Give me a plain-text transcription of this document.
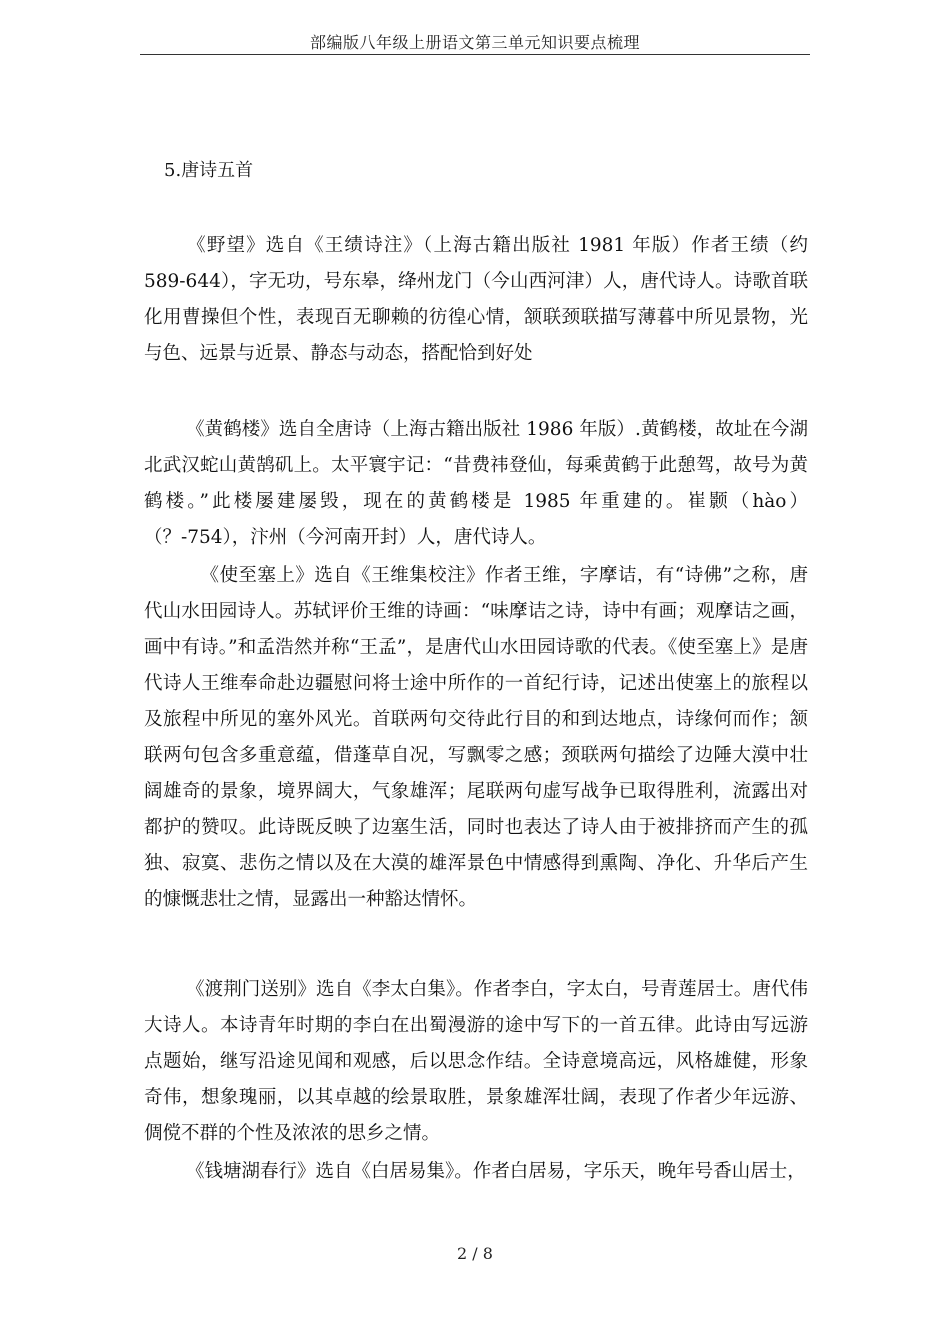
部编版八年级上册语文第三单元知识要点梳理
5.唐诗五首

《野望》选自《王绩诗注》（上海古籍出版社 1981 年版）作者王绩（约589-644），字无功，号东皋，绛州龙门（今山西河津）人，唐代诗人。诗歌首联化用曹操但个性，表现百无聊赖的彷徨心情，颔联颈联描写薄暮中所见景物，光与色、远景与近景、静态与动态，搭配恰到好处

《黄鹤楼》选自全唐诗（上海古籍出版社 1986 年版）.黄鹤楼，故址在今湖北武汉蛇山黄鹄矶上。太平寰宇记：“昔费祎登仙，每乘黄鹤于此憩驾，故号为黄鹤楼。”此楼屡建屡毁，现在的黄鹤楼是 1985 年重建的。崔颢（hào）（？-754），汴州（今河南开封）人，唐代诗人。

《使至塞上》选自《王维集校注》作者王维，字摩诘，有“诗佛”之称，唐代山水田园诗人。苏轼评价王维的诗画：“味摩诘之诗，诗中有画；观摩诘之画，画中有诗。”和孟浩然并称“王孟”，是唐代山水田园诗歌的代表。《使至塞上》是唐代诗人王维奉命赴边疆慰问将士途中所作的一首纪行诗，记述出使塞上的旅程以及旅程中所见的塞外风光。首联两句交待此行目的和到达地点，诗缘何而作；颔联两句包含多重意蕴，借蓬草自况，写飘零之感；颈联两句描绘了边陲大漠中壮阔雄奇的景象，境界阔大，气象雄浑；尾联两句虚写战争已取得胜利，流露出对都护的赞叹。此诗既反映了边塞生活，同时也表达了诗人由于被排挤而产生的孤独、寂寞、悲伤之情以及在大漠的雄浑景色中情感得到熏陶、净化、升华后产生的慷慨悲壮之情，显露出一种豁达情怀。

《渡荆门送别》选自《李太白集》。作者李白，字太白，号青莲居士。唐代伟大诗人。本诗青年时期的李白在出蜀漫游的途中写下的一首五律。此诗由写远游点题始，继写沿途见闻和观感，后以思念作结。全诗意境高远，风格雄健，形象奇伟，想象瑰丽，以其卓越的绘景取胜，景象雄浑壮阔，表现了作者少年远游、倜傥不群的个性及浓浓的思乡之情。

《钱塘湖春行》选自《白居易集》。作者白居易，字乐天，晚年号香山居士，

2 / 8
